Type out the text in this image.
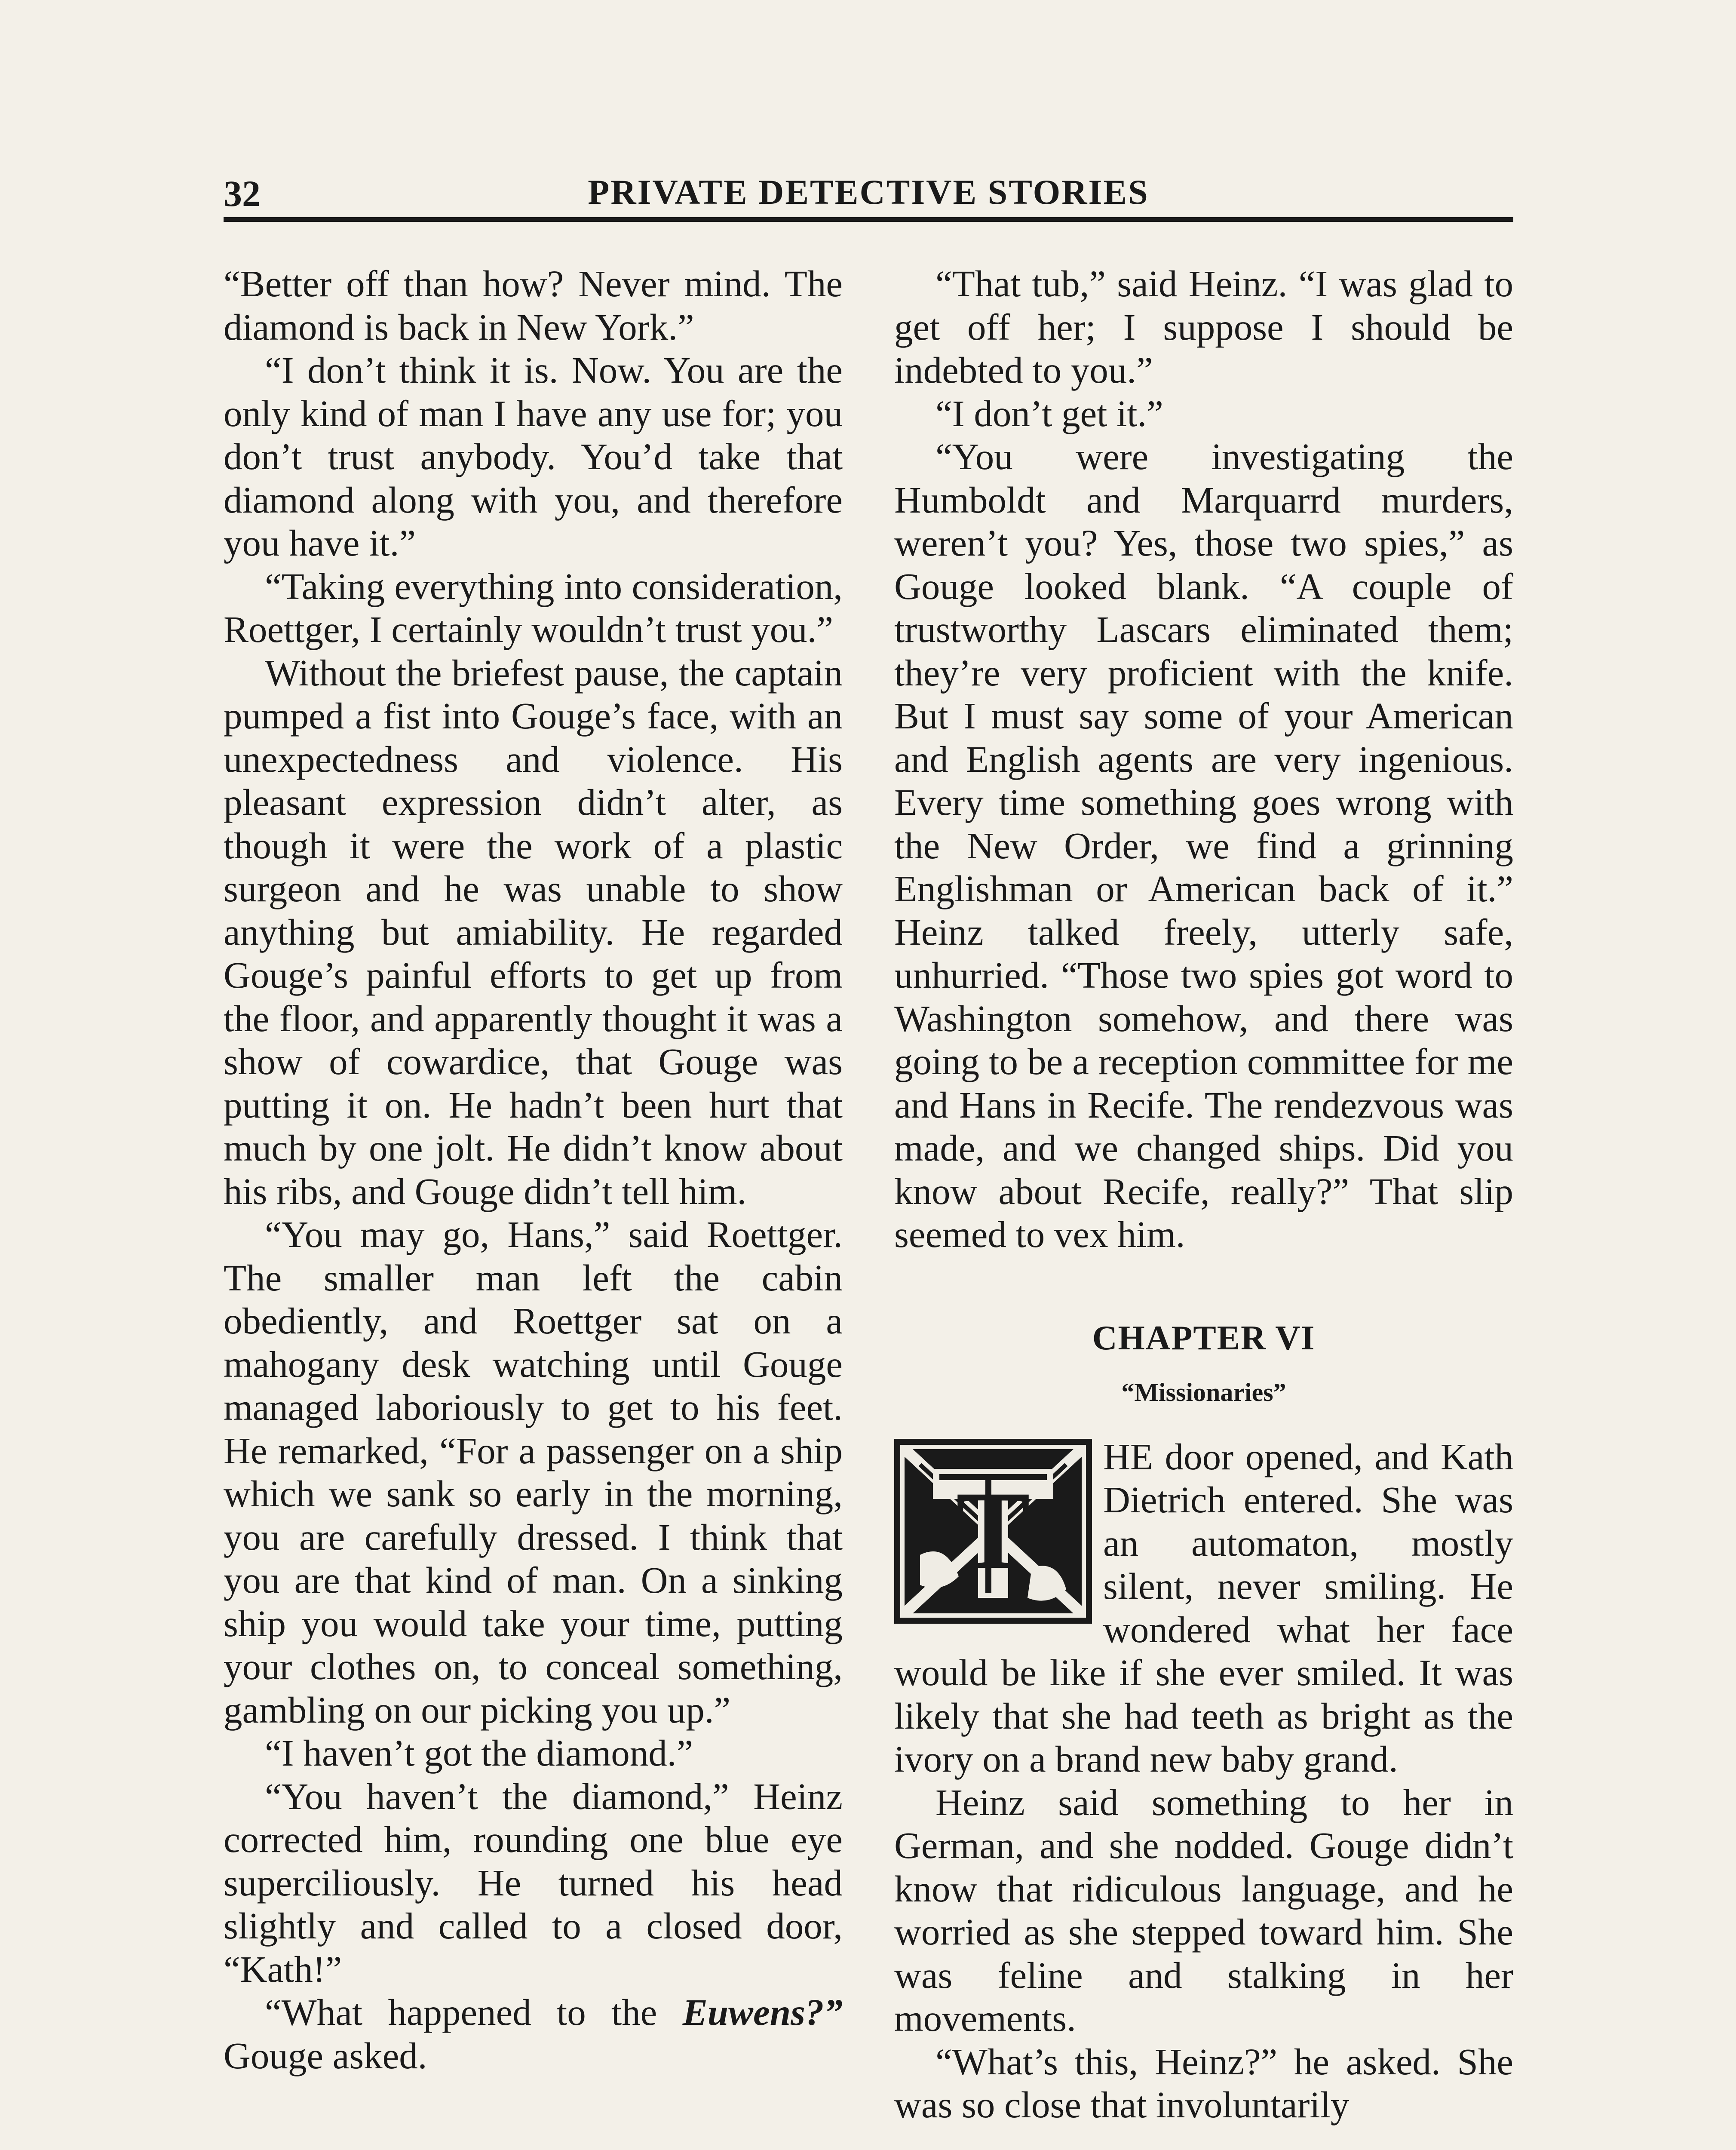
32	PRIVATE DETECTIVE STORIES

“Better off than how? Never mind. The diamond is back in New York.”

“I don’t think it is. Now. You are the only kind of man I have any use for; you don’t trust anybody. You’d take that diamond along with you, and therefore you have it.”

“Taking everything into consideration, Roettger, I certainly wouldn’t trust you.”

Without the briefest pause, the captain pumped a fist into Gouge’s face, with an unexpectedness and violence. His pleasant expression didn’t alter, as though it were the work of a plastic surgeon and he was unable to show anything but amiability. He regarded Gouge’s painful efforts to get up from the floor, and apparently thought it was a show of cowardice, that Gouge was putting it on. He hadn’t been hurt that much by one jolt. He didn’t know about his ribs, and Gouge didn’t tell him.

“You may go, Hans,” said Roettger. The smaller man left the cabin obediently, and Roettger sat on a mahogany desk watching until Gouge managed laboriously to get to his feet. He remarked, “For a passenger on a ship which we sank so early in the morning, you are carefully dressed. I think that you are that kind of man. On a sinking ship you would take your time, putting your clothes on, to conceal something, gambling on our picking you up.”

“I haven’t got the diamond.”

“You haven’t the diamond,” Heinz corrected him, rounding one blue eye superciliously. He turned his head slightly and called to a closed door, “Kath!”

“What happened to the Euwens?” Gouge asked.

“That tub,” said Heinz. “I was glad to get off her; I suppose I should be indebted to you.”

“I don’t get it.”

“You were investigating the Humboldt and Marquarrd murders, weren’t you? Yes, those two spies,” as Gouge looked blank. “A couple of trustworthy Lascars eliminated them; they’re very proficient with the knife. But I must say some of your American and English agents are very ingenious. Every time something goes wrong with the New Order, we find a grinning Englishman or American back of it.” Heinz talked freely, utterly safe, unhurried. “Those two spies got word to Washington somehow, and there was going to be a reception committee for me and Hans in Recife. The rendezvous was made, and we changed ships. Did you know about Recife, really?” That slip seemed to vex him.

CHAPTER VI
“Missionaries”
T

HE door opened, and Kath Dietrich entered. She was an automaton, mostly silent, never smiling. He wondered what her face would be like if she ever smiled. It was likely that she had teeth as bright as the ivory on a brand new baby grand.

Heinz said something to her in German, and she nodded. Gouge didn’t know that ridiculous language, and he worried as she stepped toward him. She was feline and stalking in her movements.

“What’s this, Heinz?” he asked. She was so close that involuntarily
